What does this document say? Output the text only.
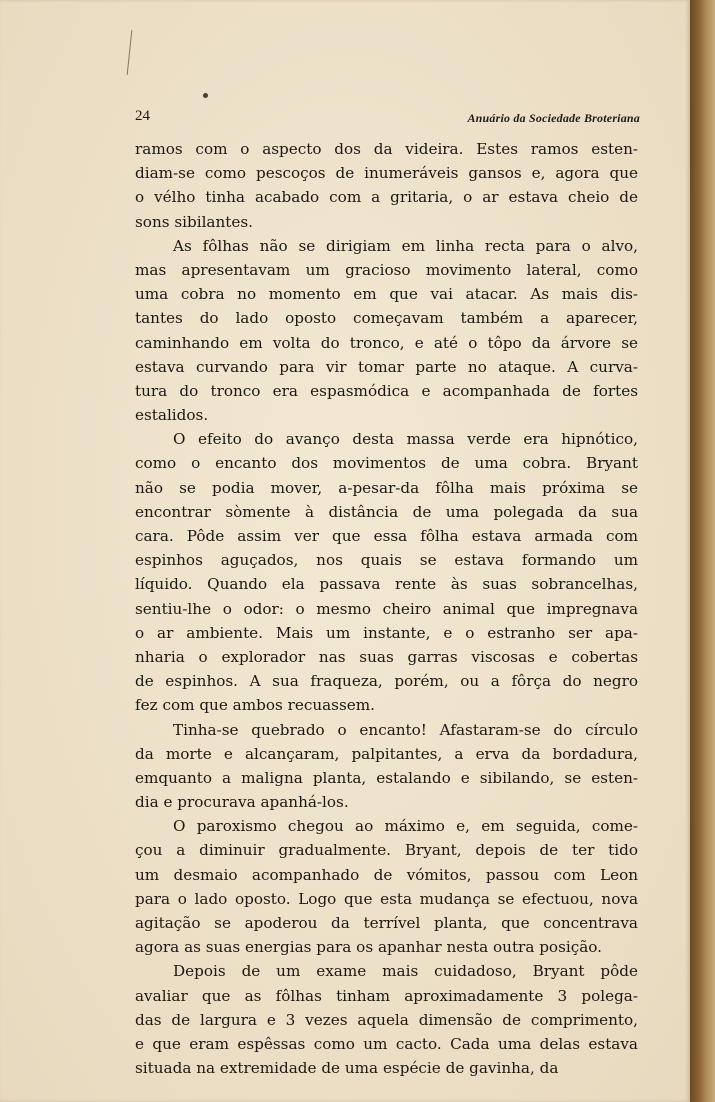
24	Anuário da Sociedade Broteriana
ramos com o aspecto dos da videira. Estes ramos esten-
diam-se como pescoços de inumeráveis gansos e, agora que
o vélho tinha acabado com a gritaria, o ar estava cheio de
sons sibilantes.
As fôlhas não se dirigiam em linha recta para o alvo,
mas apresentavam um gracioso movimento lateral, como
uma cobra no momento em que vai atacar. As mais dis-
tantes do lado oposto começavam também a aparecer,
caminhando em volta do tronco, e até o tôpo da árvore se
estava curvando para vir tomar parte no ataque. A curva-
tura do tronco era espasmódica e acompanhada de fortes
estalidos.
O efeito do avanço desta massa verde era hipnótico,
como o encanto dos movimentos de uma cobra. Bryant
não se podia mover, a-pesar-da fôlha mais próxima se
encontrar sòmente à distância de uma polegada da sua
cara. Pôde assim ver que essa fôlha estava armada com
espinhos aguçados, nos quais se estava formando um
líquido. Quando ela passava rente às suas sobrancelhas,
sentiu-lhe o odor: o mesmo cheiro animal que impregnava
o ar ambiente. Mais um instante, e o estranho ser apa-
nharia o explorador nas suas garras viscosas e cobertas
de espinhos. A sua fraqueza, porém, ou a fôrça do negro
fez com que ambos recuassem.
Tinha-se quebrado o encanto! Afastaram-se do círculo
da morte e alcançaram, palpitantes, a erva da bordadura,
emquanto a maligna planta, estalando e sibilando, se esten-
dia e procurava apanhá-los.
O paroxismo chegou ao máximo e, em seguida, come-
çou a diminuir gradualmente. Bryant, depois de ter tido
um desmaio acompanhado de vómitos, passou com Leon
para o lado oposto. Logo que esta mudança se efectuou, nova
agitação se apoderou da terrível planta, que concentrava
agora as suas energias para os apanhar nesta outra posição.
Depois de um exame mais cuidadoso, Bryant pôde
avaliar que as fôlhas tinham aproximadamente 3 polega-
das de largura e 3 vezes aquela dimensão de comprimento,
e que eram espêssas como um cacto. Cada uma delas estava
situada na extremidade de uma espécie de gavinha, da
